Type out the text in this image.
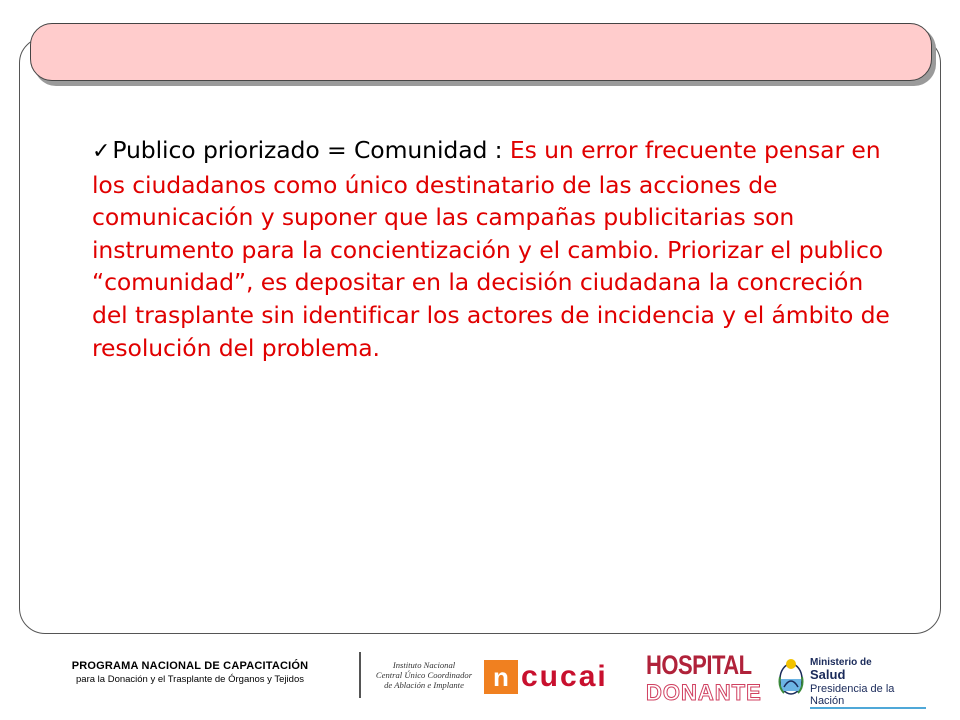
✓Publico priorizado = Comunidad : Es un error frecuente pensar en los ciudadanos como único destinatario de las acciones de comunicación y suponer que las campañas publicitarias son instrumento para la concientización y el cambio. Priorizar el publico “comunidad”, es depositar en la decisión ciudadana la concreción del trasplante sin identificar los actores de incidencia y el ámbito de resolución del problema.
PROGRAMA NACIONAL DE CAPACITACIÓN
para la Donación y el Trasplante de Órganos y Tejidos
Instituto Nacional
Central Único Coordinador
de Ablación e Implante	n cucai HOSPITAL
DONANTE
Ministerio de
Salud
Presidencia de la Nación
